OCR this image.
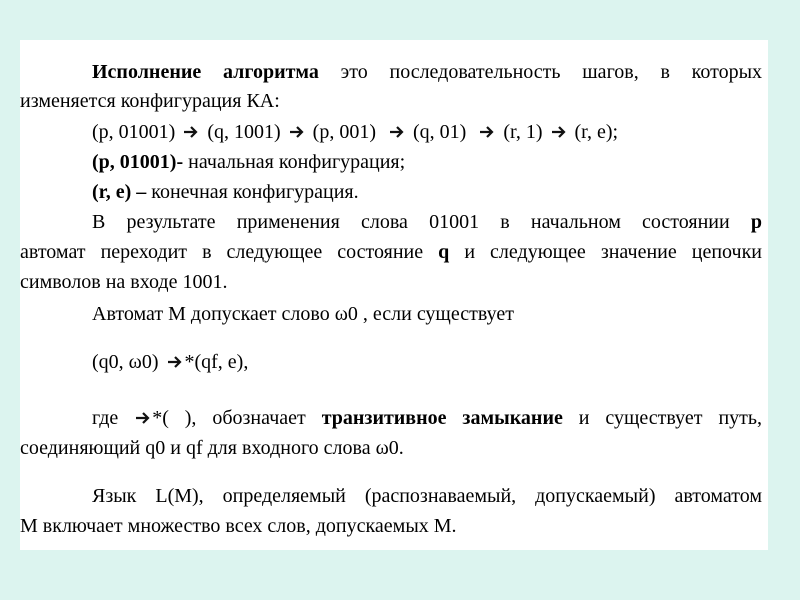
Исполнение алгоритма это последовательность шагов, в которых
изменяется конфигурация КА:
(p, 01001) (q, 1001) (p, 001) (q, 01) (r, 1) (r, e);
(p, 01001)- начальная конфигурация;
(r, e) – конечная конфигурация.
В результате применения слова 01001 в начальном состоянии p
автомат переходит в следующее состояние q и следующее значение цепочки
символов на входе 1001.
Автомат M допускает слово ω0 , если существует
(q0, ω0) *(qf, e),
где *( ), обозначает транзитивное замыкание и существует путь,
соединяющий q0 и qf для входного слова ω0.
Язык L(M), определяемый (распознаваемый, допускаемый) автоматом
M включает множество всех слов, допускаемых M.
